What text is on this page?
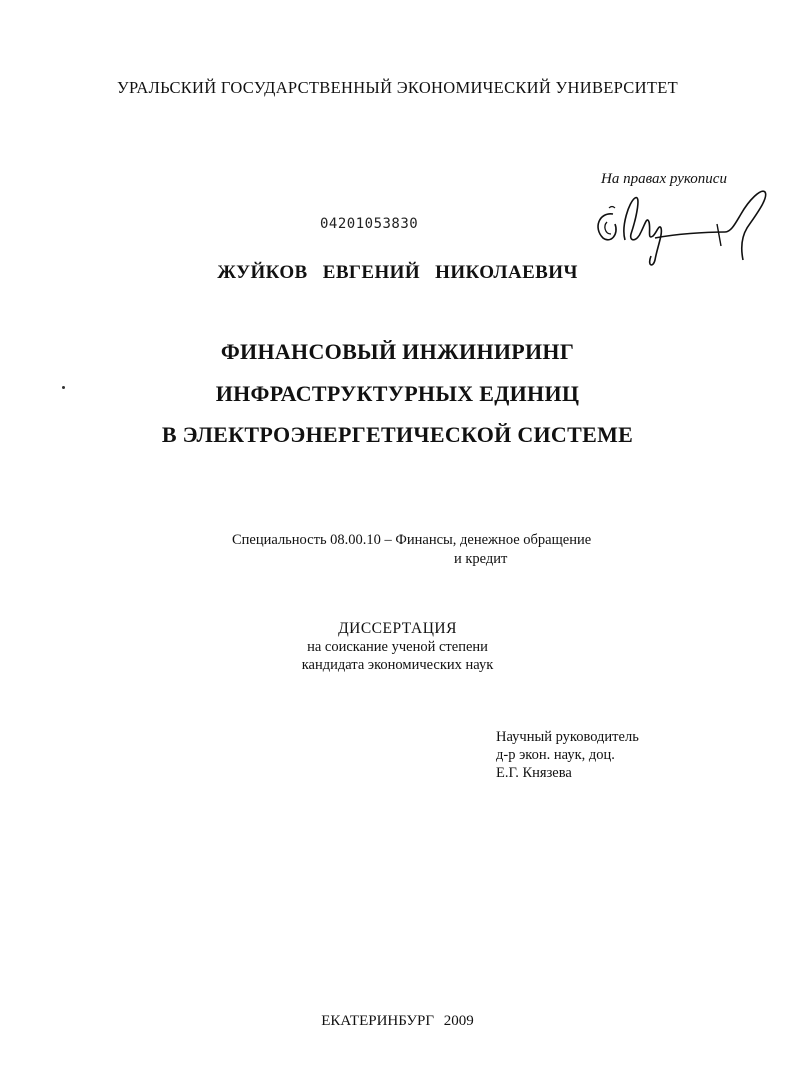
УРАЛЬСКИЙ ГОСУДАРСТВЕННЫЙ ЭКОНОМИЧЕСКИЙ УНИВЕРСИТЕТ
На правах рукописи
04201053830
ЖУЙКОВ ЕВГЕНИЙ НИКОЛАЕВИЧ
ФИНАНСОВЫЙ ИНЖИНИРИНГ
ИНФРАСТРУКТУРНЫХ ЕДИНИЦ
В ЭЛЕКТРОЭНЕРГЕТИЧЕСКОЙ СИСТЕМЕ
Специальность 08.00.10 – Финансы, денежное обращение
и кредит
ДИССЕРТАЦИЯ
на соискание ученой степени
кандидата экономических наук
Научный руководитель
д-р экон. наук, доц.
Е.Г. Князева
ЕКАТЕРИНБУРГ 2009
